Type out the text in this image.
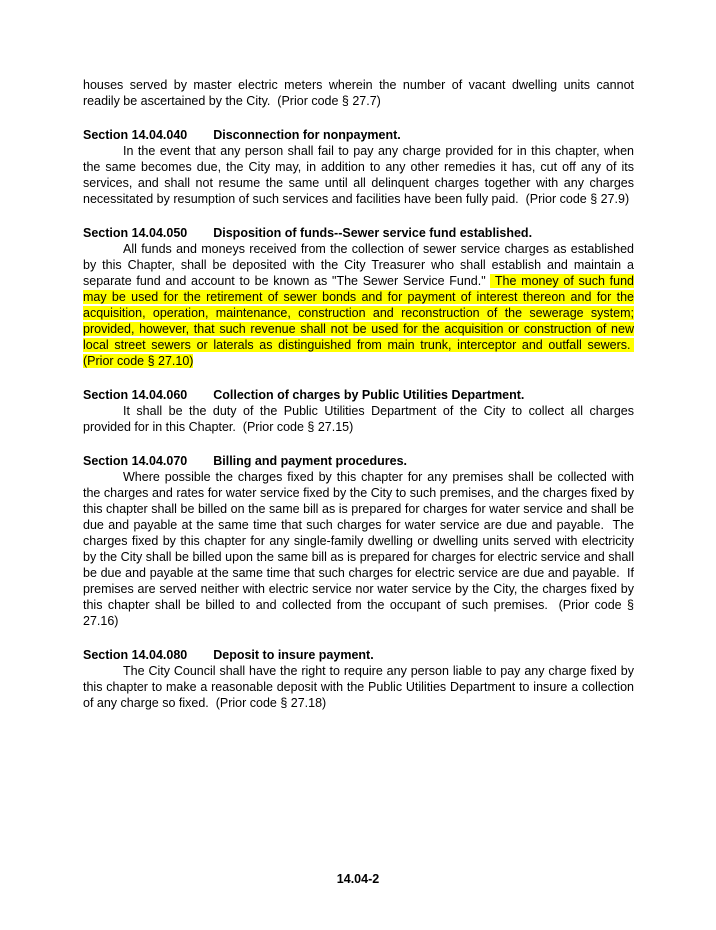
houses served by master electric meters wherein the number of vacant dwelling units cannot readily be ascertained by the City.  (Prior code § 27.7)

Section 14.04.040 Disconnection for nonpayment.

In the event that any person shall fail to pay any charge provided for in this chapter, when the same becomes due, the City may, in addition to any other remedies it has, cut off any of its services, and shall not resume the same until all delinquent charges together with any charges necessitated by resumption of such services and facilities have been fully paid.  (Prior code § 27.9)

Section 14.04.050 Disposition of funds--Sewer service fund established.

All funds and moneys received from the collection of sewer service charges as established by this Chapter, shall be deposited with the City Treasurer who shall establish and maintain a separate fund and account to be known as "The Sewer Service Fund."  The money of such fund may be used for the retirement of sewer bonds and for payment of interest thereon and for the acquisition, operation, maintenance, construction and reconstruction of the sewerage system; provided, however, that such revenue shall not be used for the acquisition or construction of new local street sewers or laterals as distinguished from main trunk, interceptor and outfall sewers.  (Prior code § 27.10)

Section 14.04.060 Collection of charges by Public Utilities Department.

It shall be the duty of the Public Utilities Department of the City to collect all charges provided for in this Chapter.  (Prior code § 27.15)

Section 14.04.070 Billing and payment procedures.

Where possible the charges fixed by this chapter for any premises shall be collected with the charges and rates for water service fixed by the City to such premises, and the charges fixed by this chapter shall be billed on the same bill as is prepared for charges for water service and shall be due and payable at the same time that such charges for water service are due and payable.  The charges fixed by this chapter for any single-family dwelling or dwelling units served with electricity by the City shall be billed upon the same bill as is prepared for charges for electric service and shall be due and payable at the same time that such charges for electric service are due and payable.  If premises are served neither with electric service nor water service by the City, the charges fixed by this chapter shall be billed to and collected from the occupant of such premises.  (Prior code § 27.16)

Section 14.04.080 Deposit to insure payment.

The City Council shall have the right to require any person liable to pay any charge fixed by this chapter to make a reasonable deposit with the Public Utilities Department to insure a collection of any charge so fixed.  (Prior code § 27.18)

14.04-2
